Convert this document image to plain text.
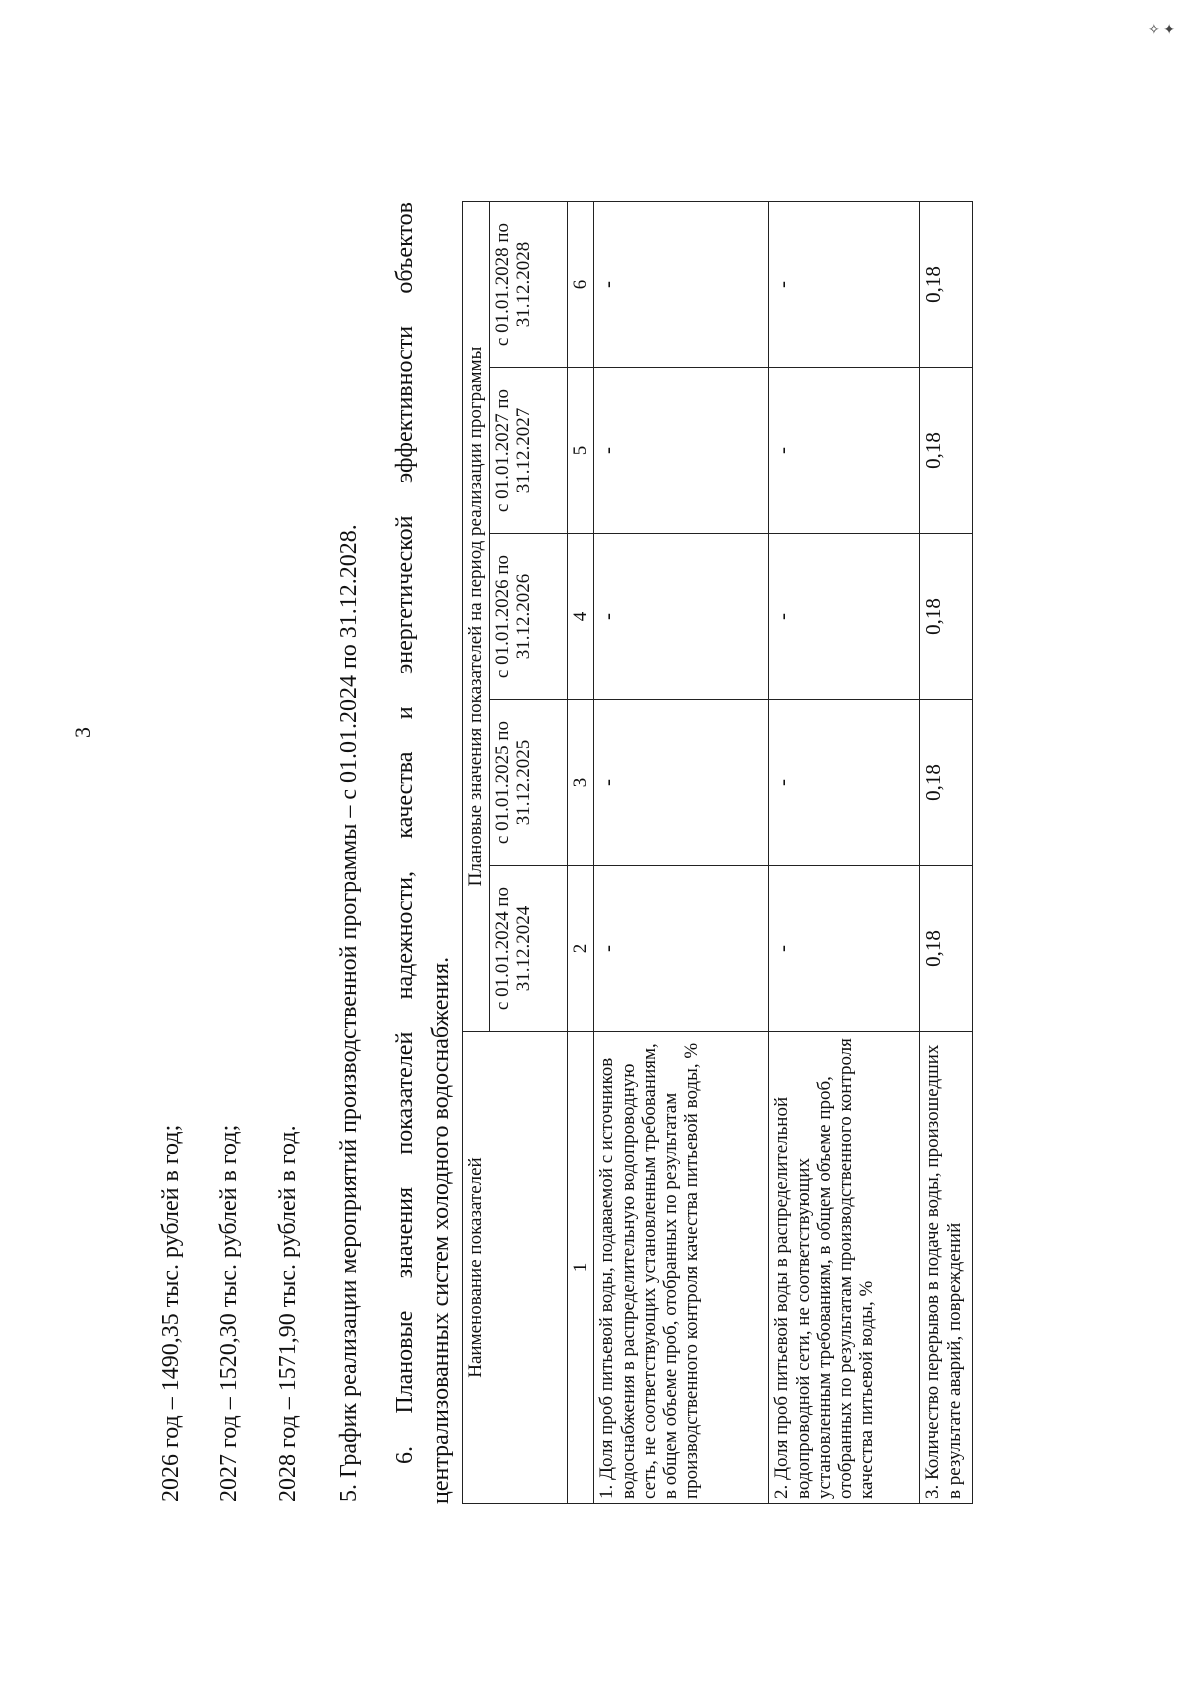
✧ ✦
3
2026 год – 1490,35 тыс. рублей в год; 2027 год – 1520,30 тыс. рублей в год; 2028 год – 1571,90 тыс. рублей в год. 5. График реализации мероприятий производственной программы – с 01.01.2024 по 31.12.2028. 6.
Плановые
значения
показателей
надежности,
качества
и
энергетической
эффективности
объектов
централизованных систем холодного водоснабжения. Наименование показателей	Плановые значения показателей на период реализации программы				
	с 01.01.2024 по 31.12.2024	с 01.01.2025 по 31.12.2025	с 01.01.2026 по 31.12.2026	с 01.01.2027 по 31.12.2027	с 01.01.2028 по 31.12.2028
1	2	3	4	5	6
1. Доля проб питьевой воды, подаваемой с источников водоснабжения в распределительную водопроводную сеть, не соответствующих установленным требованиям, в общем объеме проб, отобранных по результатам производственного контроля качества питьевой воды, %	-	-	-	-	-
2. Доля проб питьевой воды в распределительной водопроводной сети, не соответствующих установленным требованиям, в общем объеме проб, отобранных по результатам производственного контроля качества питьевой воды, %	-	-	-	-	-
3. Количество перерывов в подаче воды, произошедших в результате аварий, повреждений	0,18	0,18	0,18	0,18	0,18
